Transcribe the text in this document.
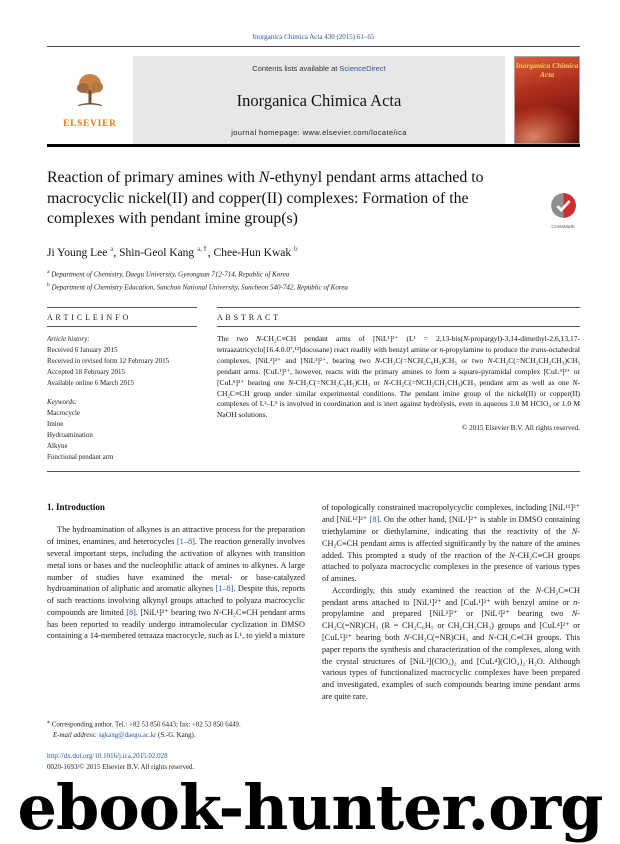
Inorganica Chimica Acta 430 (2015) 61–65
ELSEVIER
Contents lists available at ScienceDirect
Inorganica Chimica Acta
journal homepage: www.elsevier.com/locate/ica
Inorganica Chimica Acta
Reaction of primary amines with N-ethynyl pendant arms attached to macrocyclic nickel(II) and copper(II) complexes: Formation of the complexes with pendant imine group(s)
CrossMark
Ji Young Lee $^a$, Shin-Geol Kang $^{a,⇑}$, Chee-Hun Kwak $^b$
$^a$ Department of Chemistry, Daegu University, Gyeongsan 712-714, Republic of Korea
$^b$ Department of Chemistry Education, Sunchon National University, Suncheon 540-742, Republic of Korea
A R T I C L E I N F O
Article history:
Received 6 January 2015
Received in revised form 12 February 2015
Accepted 18 February 2015
Available online 6 March 2015
Keywords:
Macrocycle
Imine
Hydroamination
Alkyne
Functional pendant arm
A B S T R A C T

The two N-CH₂C≡CH pendant arms of [NiL¹]²⁺ (L¹ = 2,13-bis(N-propargyl)-3,14-dimethyl-2,6,13,17-tetraazatricyclo[16.4.0.0⁷,¹²]docosane) react readily with benzyl amine or n-propylamine to produce the trans-octahedral complexes, [NiL²]²⁺ and [NiL³]²⁺, bearing two N-CH₂C(=NCH₂C₆H₅)CH₃ or two N-CH₂C(=NCH₂CH₂CH₃)CH₃ pendant arms. [CuL¹]²⁺, however, reacts with the primary amines to form a square-pyramidal complex [CuL⁴]²⁺ or [CuL⁵]²⁺ bearing one N-CH₂C(=NCH₂C₆H₅)CH₃ or N-CH₂C(=NCH₂CH₂CH₃)CH₃ pendant arm as well as one N-CH₂C≡CH group under similar experimental conditions. The pendant imine group of the nickel(II) or copper(II) complexes of L²–L⁵ is involved in coordination and is inert against hydrolysis, even in aqueous 1.0 M HClO₄ or 1.0 M NaOH solutions.

© 2015 Elsevier B.V. All rights reserved.

1. Introduction

The hydroamination of alkynes is an attractive process for the preparation of imines, enamines, and heterocycles [1–8]. The reaction generally involves several important steps, including the activation of alkynes with transition metal ions or bases and the nucleophilic attack of amines to alkynes. A large number of studies have examined the metal- or base-catalyzed hydroamination of aliphatic and aromatic alkynes [1–8]. Despite this, reports of such reactions involving alkynyl groups attached to polyaza macrocyclic compounds are limited [8]. [NiL¹]²⁺ bearing two N-CH₂C≡CH pendant arms has been reported to readily undergo intramolecular cyclization in DMSO containing a 14-membered tetraaza macrocycle, such as L¹, to yield a mixture

of topologically constrained macropolycyclic complexes, including [NiL¹¹]²⁺ and [NiL¹²]²⁺ [8]. On the other hand, [NiL¹]²⁺ is stable in DMSO containing triethylamine or diethylamine, indicating that the reactivity of the N-CH₂C≡CH pendant arms is affected significantly by the nature of the amines added. This prompted a study of the reaction of the N-CH₂C≡CH groups attached to polyaza macrocyclic complexes in the presence of various types of amines.

Accordingly, this study examined the reaction of the N-CH₂C≡CH pendant arms attached to [NiL¹]²⁺ and [CuL¹]²⁺ with benzyl amine or n-propylamine and prepared [NiL²]²⁺ or [NiL³]²⁺ bearing two N-CH₂C(=NR)CH₃ (R = CH₂C₆H₅ or CH₂CH₂CH₃) groups and [CuL⁴]²⁺ or [CuL⁵]²⁺ bearing both N-CH₂C(=NR)CH₃ and N-CH₂C≡CH groups. This paper reports the synthesis and characterization of the complexes, along with the crystal structures of [NiL²](ClO₄)₂ and [CuL⁴](ClO₄)₂·H₂O. Although various types of functionalized macrocyclic complexes have been prepared and investigated, examples of such compounds bearing imine pendant arms are quite rare.

⁎ Corresponding author. Tel.: +82 53 850 6443; fax: +82 53 850 6449.
E-mail address: sgkang@daegu.ac.kr (S.-G. Kang).
http://dx.doi.org/10.1016/j.ica.2015.02.028
0020-1693/© 2015 Elsevier B.V. All rights reserved.
ebook-hunter.org
